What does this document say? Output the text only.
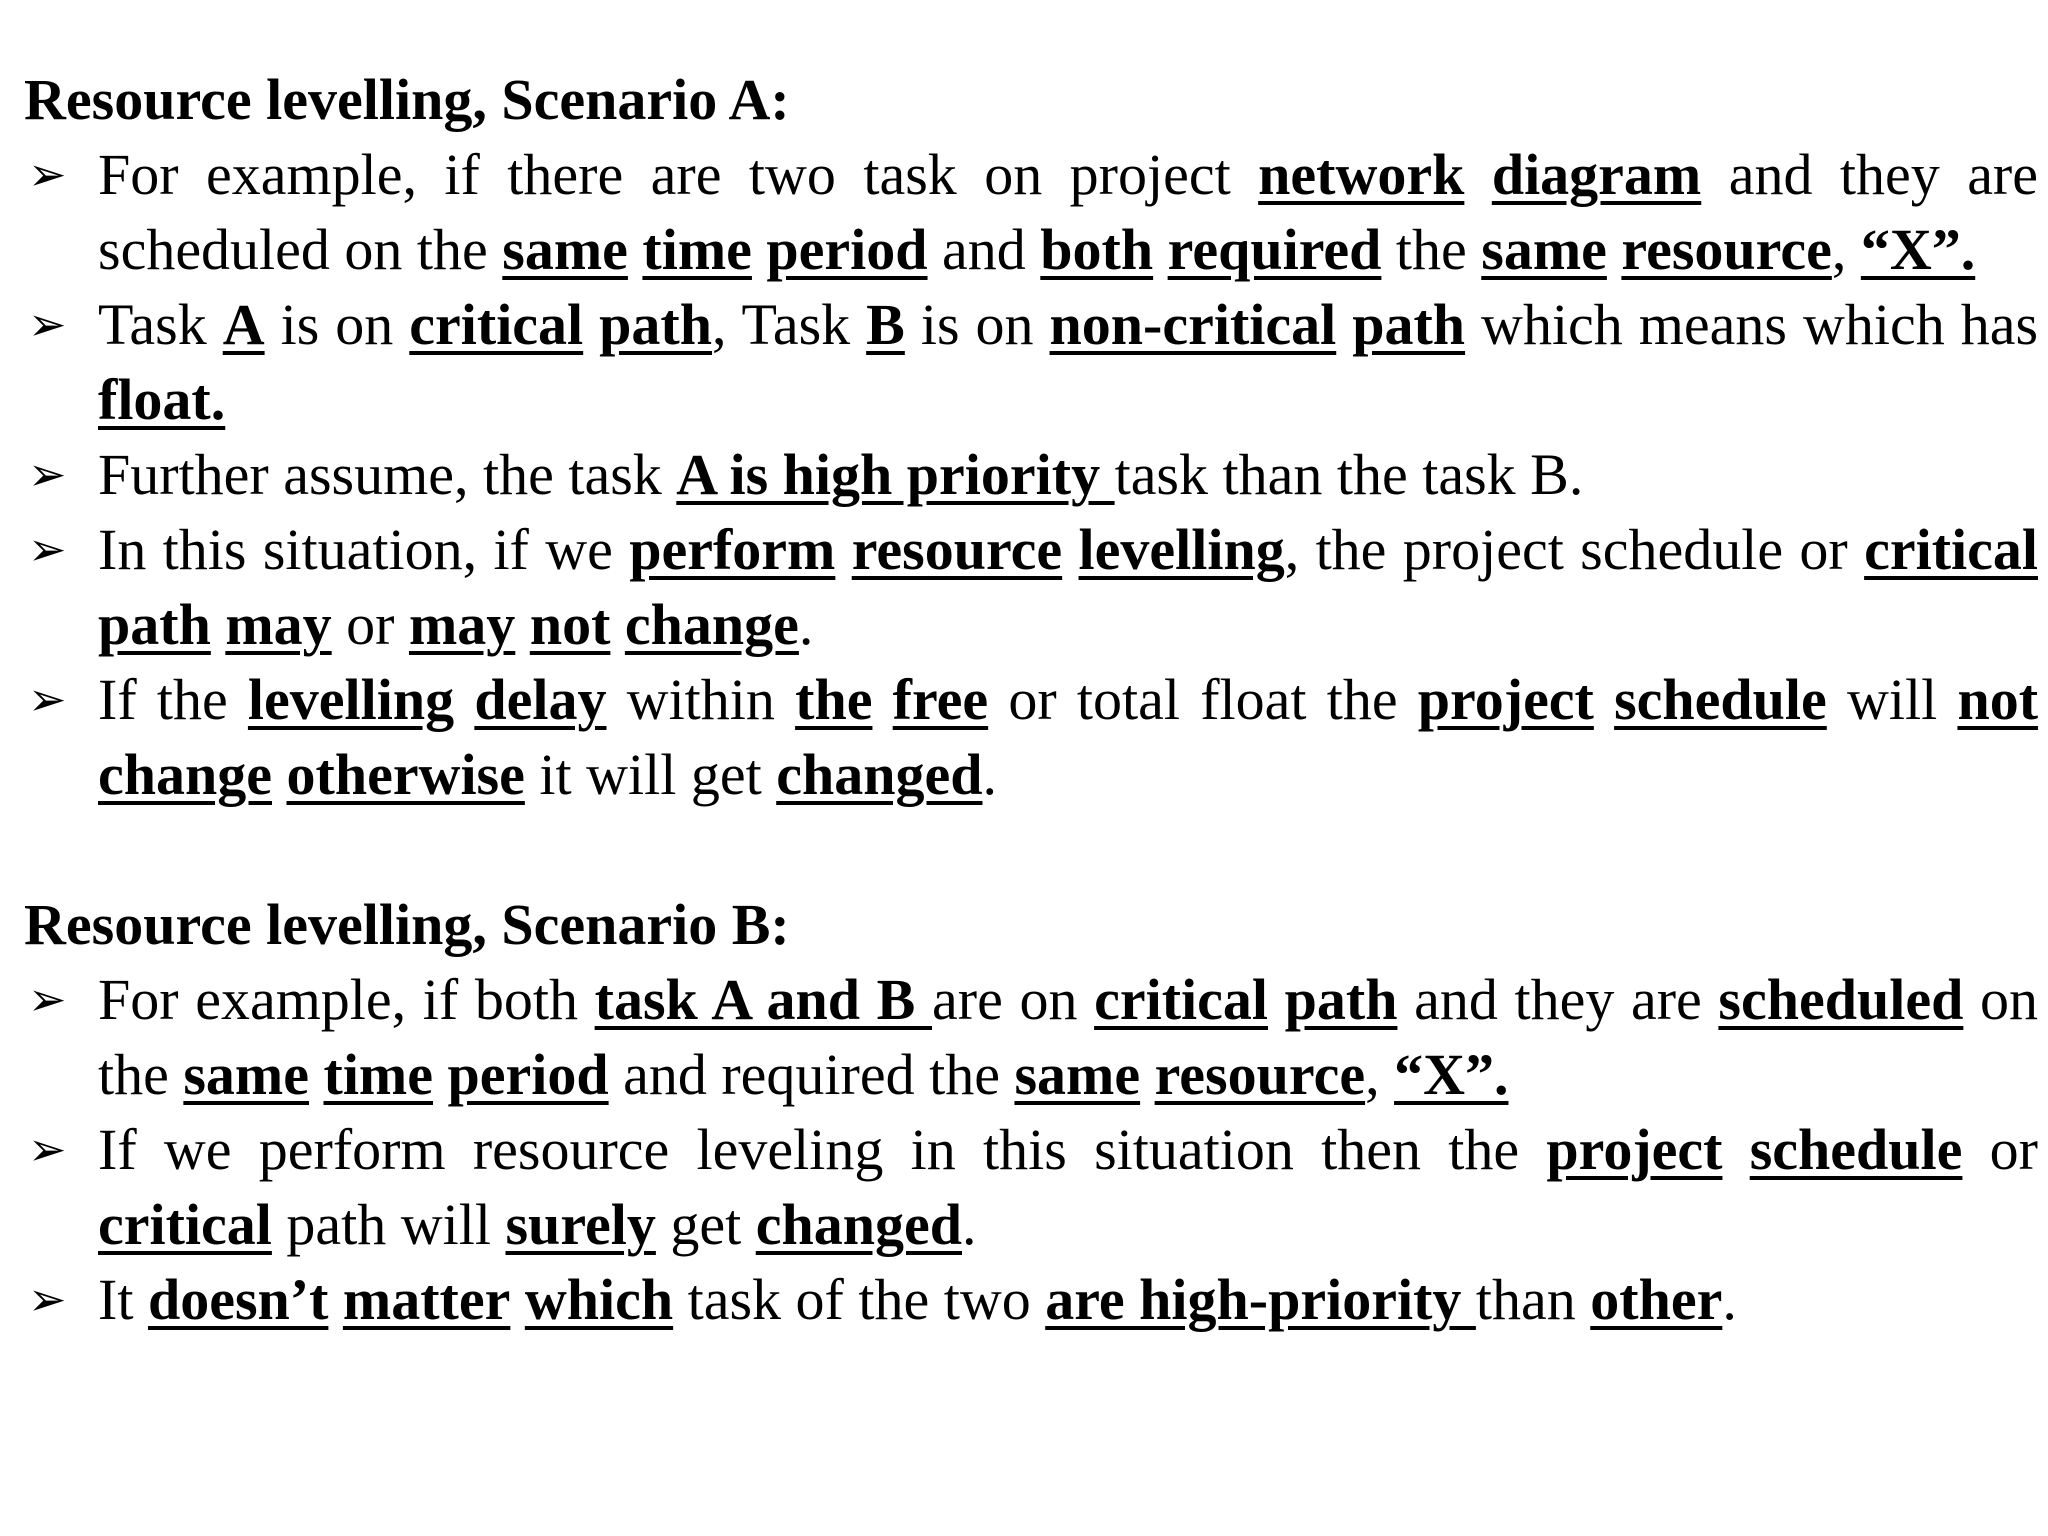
Resource levelling, Scenario A:
➢ For example, if there are two task on project network diagram and they are scheduled on the same time period and both required the same resource, “X”.
➢ Task A is on critical path, Task B is on non-critical path which means which has float.
➢ Further assume, the task A is high priority task than the task B.
➢ In this situation, if we perform resource levelling, the project schedule or critical path may or may not change.
➢ If the levelling delay within the free or total float the project schedule will not change otherwise it will get changed.
Resource levelling, Scenario B:
➢ For example, if both task A and B are on critical path and they are scheduled on the same time period and required the same resource, “X”.
➢ If we perform resource leveling in this situation then the project schedule or critical path will surely get changed.
➢ It doesn’t matter which task of the two are high-priority than other.
